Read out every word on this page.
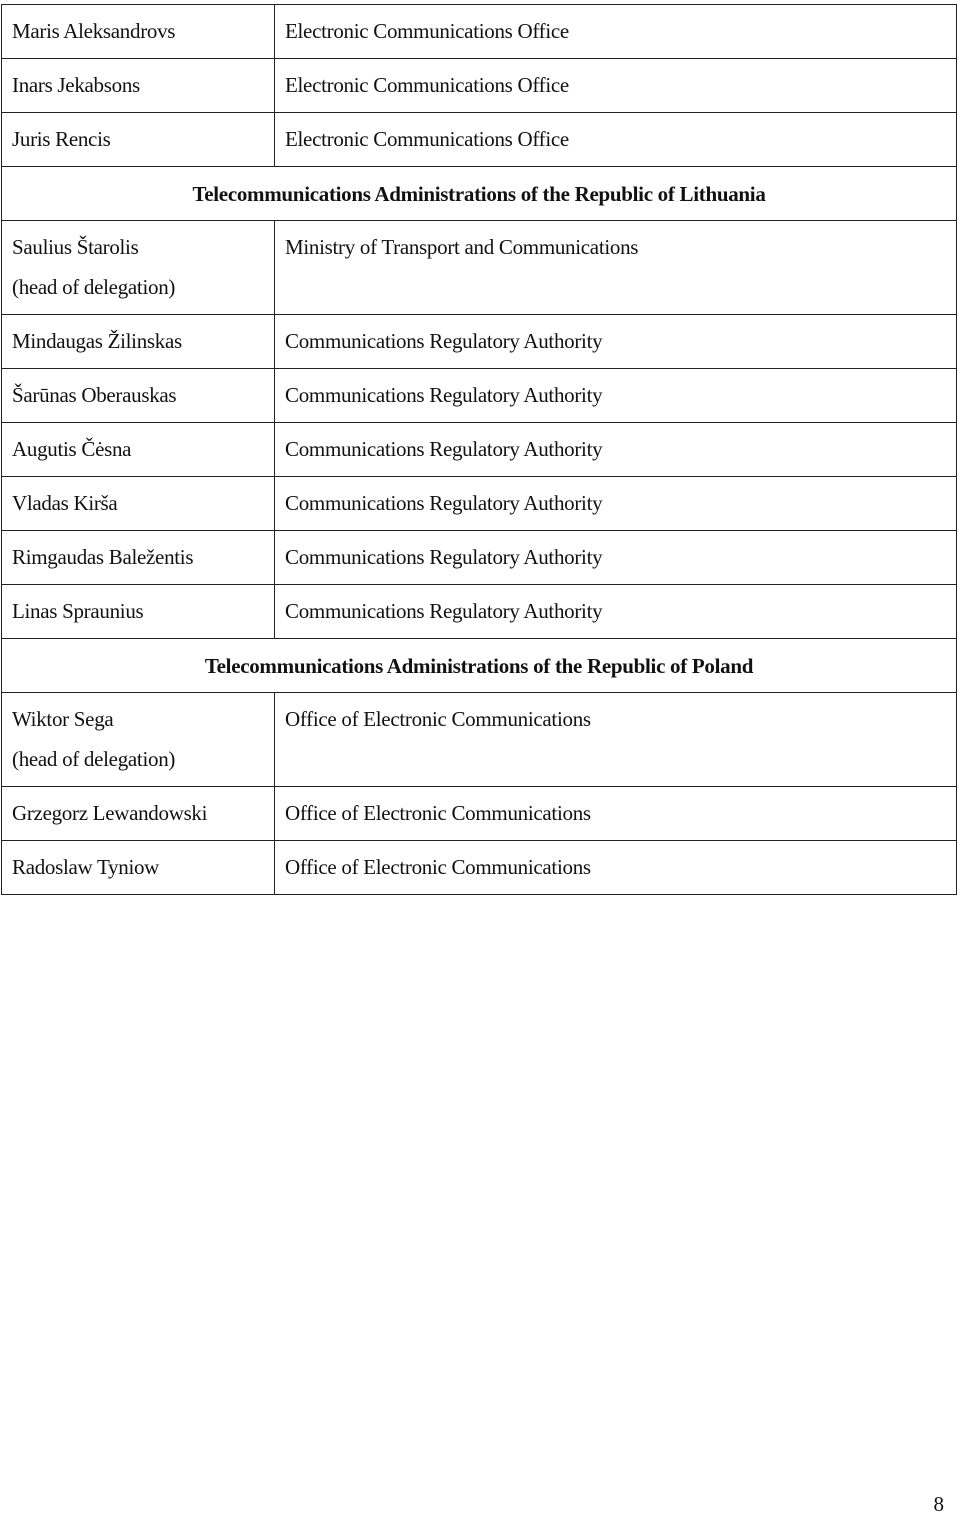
Maris Aleksandrovs	Electronic Communications Office

Inars Jekabsons	Electronic Communications Office

Juris Rencis	Electronic Communications Office

Telecommunications Administrations of the Republic of Lithuania	

Saulius Štarolis
(head of delegation)	Ministry of Transport and Communications

Mindaugas Žilinskas	Communications Regulatory Authority

Šarūnas Oberauskas	Communications Regulatory Authority

Augutis Čėsna	Communications Regulatory Authority

Vladas Kirša	Communications Regulatory Authority

Rimgaudas Baležentis	Communications Regulatory Authority

Linas Spraunius	Communications Regulatory Authority

Telecommunications Administrations of the Republic of Poland	

Wiktor Sega
(head of delegation)	Office of Electronic Communications

Grzegorz Lewandowski	Office of Electronic Communications

Radoslaw Tyniow	Office of Electronic Communications
8
